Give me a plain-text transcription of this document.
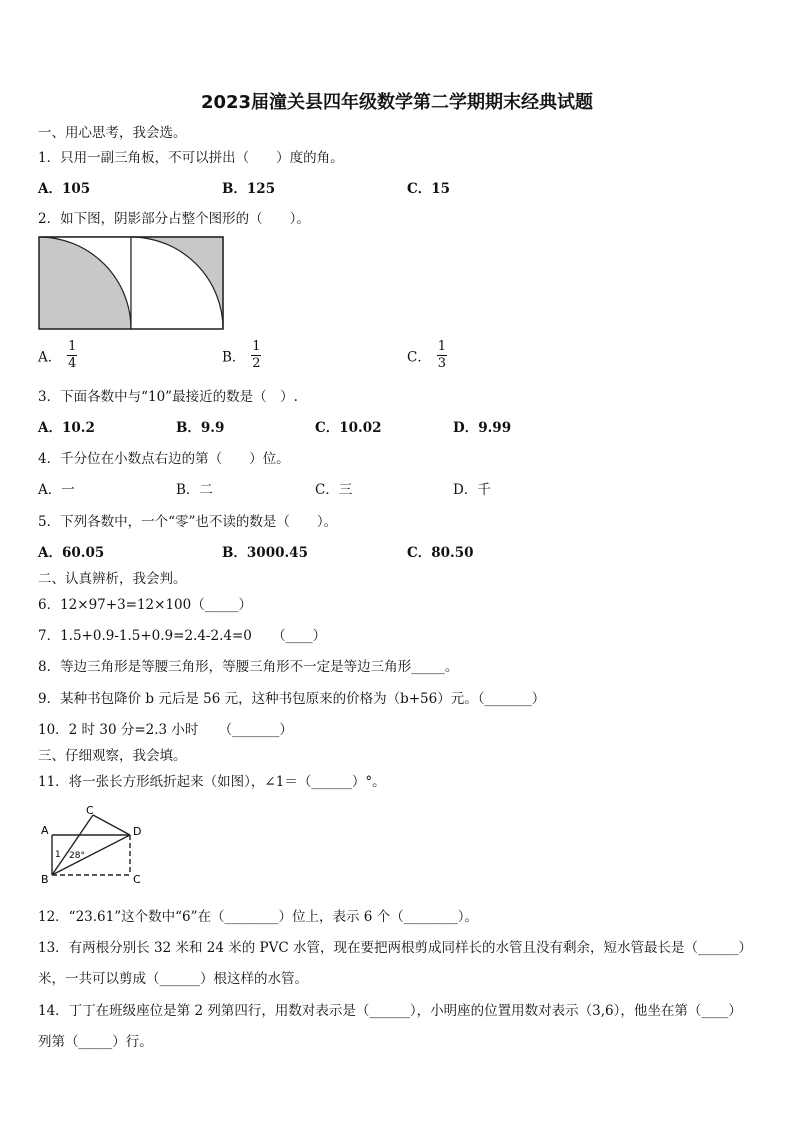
2023届潼关县四年级数学第二学期期末经典试题
一、用心思考，我会选。
1．只用一副三角板，不可以拼出（　　）度的角。
A．105	B．125	C．15
2．如下图，阴影部分占整个图形的（　　）。
A． $\frac{1}{4}$	B． $\frac{1}{2}$	C． $\frac{1}{3}$
3．下面各数中与“10”最接近的数是（　）.
A．10.2	B．9.9	C．10.02	D．9.99
4．千分位在小数点右边的第（　　）位。
A．一	B．二	C．三	D．千
5．下列各数中，一个“零”也不读的数是（　　）。
A．60.05	B．3000.45	C．80.50
二、认真辨析，我会判。
6．12×97+3=12×100（_____）
7．1.5+0.9-1.5+0.9=2.4-2.4=0　　（____）
8．等边三角形是等腰三角形，等腰三角形不一定是等边三角形_____。
9．某种书包降价 b 元后是 56 元，这种书包原来的价格为（b+56）元。（_______）
10．2 时 30 分=2.3 小时　　（_______）
三、仔细观察，我会填。
11．将一张长方形纸折起来（如图），∠1＝（______）°。
A
B
C
D
C
1 28°
12．“23.61”这个数中“6”在（________）位上，表示 6 个（________）。
13．有两根分别长 32 米和 24 米的 PVC 水管，现在要把两根剪成同样长的水管且没有剩余，短水管最长是（______）
米，一共可以剪成（______）根这样的水管。
14．丁丁在班级座位是第 2 列第四行，用数对表示是（______），小明座的位置用数对表示（3,6），他坐在第（____）
列第（_____）行。
